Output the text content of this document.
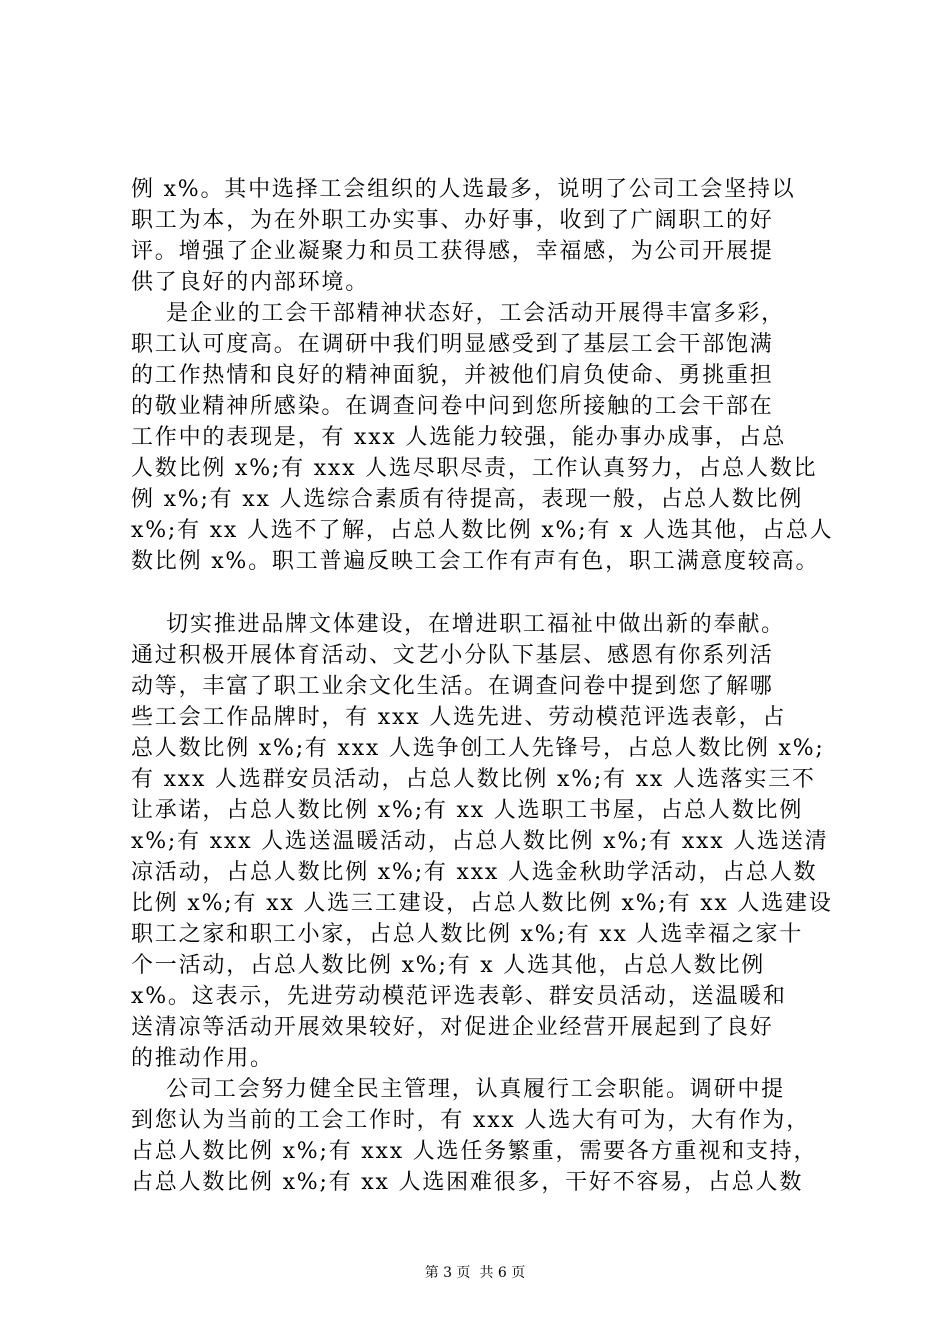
例 x%。其中选择工会组织的人选最多，说明了公司工会坚持以
职工为本，为在外职工办实事、办好事，收到了广阔职工的好
评。增强了企业凝聚力和员工获得感，幸福感，为公司开展提
供了良好的内部环境。
是企业的工会干部精神状态好，工会活动开展得丰富多彩，
职工认可度高。在调研中我们明显感受到了基层工会干部饱满
的工作热情和良好的精神面貌，并被他们肩负使命、勇挑重担
的敬业精神所感染。在调查问卷中问到您所接触的工会干部在
工作中的表现是，有 xxx 人选能力较强，能办事办成事，占总
人数比例 x%;有 xxx 人选尽职尽责，工作认真努力，占总人数比
例 x%;有 xx 人选综合素质有待提高，表现一般，占总人数比例
x%;有 xx 人选不了解，占总人数比例 x%;有 x 人选其他，占总人
数比例 x%。职工普遍反映工会工作有声有色，职工满意度较高。
切实推进品牌文体建设，在增进职工福祉中做出新的奉献。
通过积极开展体育活动、文艺小分队下基层、感恩有你系列活
动等，丰富了职工业余文化生活。在调查问卷中提到您了解哪
些工会工作品牌时，有 xxx 人选先进、劳动模范评选表彰，占
总人数比例 x%;有 xxx 人选争创工人先锋号，占总人数比例 x%;
有 xxx 人选群安员活动，占总人数比例 x%;有 xx 人选落实三不
让承诺，占总人数比例 x%;有 xx 人选职工书屋，占总人数比例
x%;有 xxx 人选送温暖活动，占总人数比例 x%;有 xxx 人选送清
凉活动，占总人数比例 x%;有 xxx 人选金秋助学活动，占总人数
比例 x%;有 xx 人选三工建设，占总人数比例 x%;有 xx 人选建设
职工之家和职工小家，占总人数比例 x%;有 xx 人选幸福之家十
个一活动，占总人数比例 x%;有 x 人选其他，占总人数比例
x%。这表示，先进劳动模范评选表彰、群安员活动，送温暖和
送清凉等活动开展效果较好，对促进企业经营开展起到了良好
的推动作用。
公司工会努力健全民主管理，认真履行工会职能。调研中提
到您认为当前的工会工作时，有 xxx 人选大有可为，大有作为，
占总人数比例 x%;有 xxx 人选任务繁重，需要各方重视和支持，
占总人数比例 x%;有 xx 人选困难很多，干好不容易，占总人数
第 3 页  共 6 页
